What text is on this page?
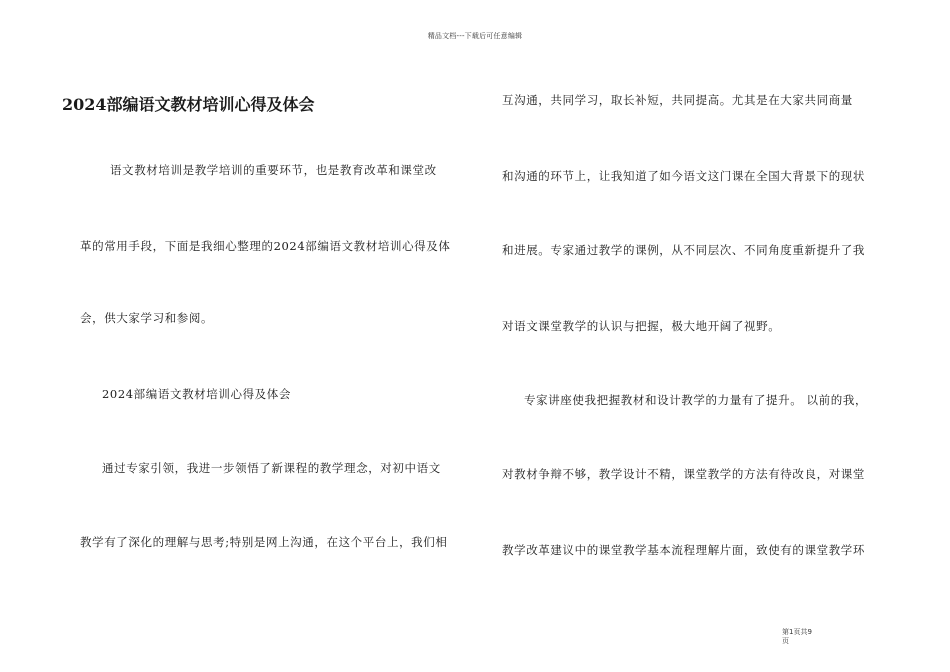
精品文档---下载后可任意编辑
2024部编语文教材培训心得及体会
语文教材培训是教学培训的重要环节，也是教育改革和课堂改
革的常用手段，下面是我细心整理的2024部编语文教材培训心得及体
会，供大家学习和参阅。
2024部编语文教材培训心得及体会
通过专家引领，我进一步领悟了新课程的教学理念，对初中语文
教学有了深化的理解与思考;特别是网上沟通，在这个平台上，我们相
互沟通，共同学习，取长补短，共同提高。尤其是在大家共同商量
和沟通的环节上，让我知道了如今语文这门课在全国大背景下的现状
和进展。专家通过教学的课例，从不同层次、不同角度重新提升了我
对语文课堂教学的认识与把握，极大地开阔了视野。
专家讲座使我把握教材和设计教学的力量有了提升。 以前的我，
对教材争辩不够，教学设计不精，课堂教学的方法有待改良，对课堂
教学改革建议中的课堂教学基本流程理解片面，致使有的课堂教学环
第1页共9
页
